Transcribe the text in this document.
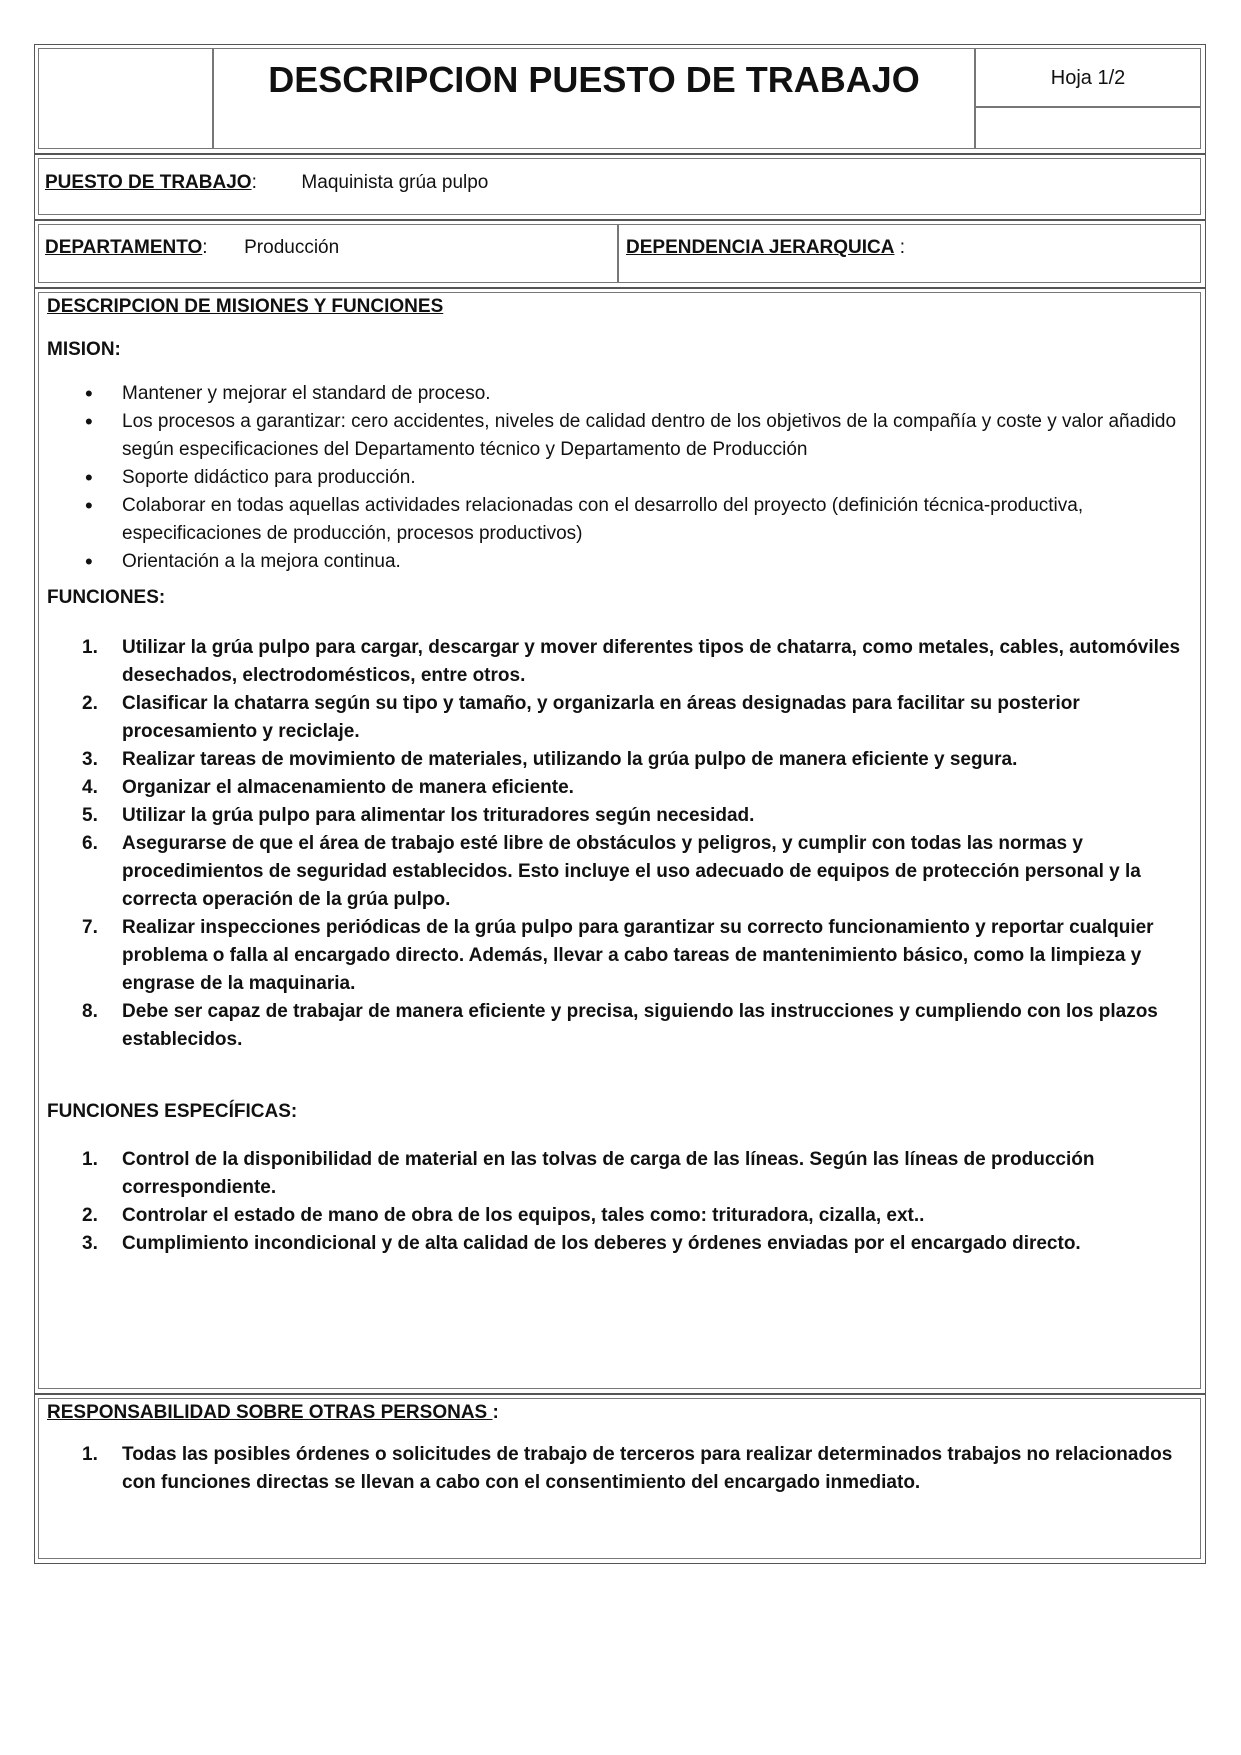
DESCRIPCION PUESTO DE TRABAJO	Hoja 1/2
PUESTO DE TRABAJO: Maquinista grúa pulpo
DEPARTAMENTO: Producción	DEPENDENCIA JERARQUICA :
DESCRIPCION DE MISIONES Y FUNCIONES
MISION:
• Mantener y mejorar el standard de proceso.
• Los procesos a garantizar: cero accidentes, niveles de calidad dentro de los objetivos de la compañía y coste y valor añadido según especificaciones del Departamento técnico y Departamento de Producción
• Soporte didáctico para producción.
• Colaborar en todas aquellas actividades relacionadas con el desarrollo del proyecto (definición técnica-productiva, especificaciones de producción, procesos productivos)
• Orientación a la mejora continua.
FUNCIONES:
1. Utilizar la grúa pulpo para cargar, descargar y mover diferentes tipos de chatarra, como metales, cables, automóviles desechados, electrodomésticos, entre otros.
2. Clasificar la chatarra según su tipo y tamaño, y organizarla en áreas designadas para facilitar su posterior procesamiento y reciclaje.
3. Realizar tareas de movimiento de materiales, utilizando la grúa pulpo de manera eficiente y segura.
4. Organizar el almacenamiento de manera eficiente.
5. Utilizar la grúa pulpo para alimentar los trituradores según necesidad.
6. Asegurarse de que el área de trabajo esté libre de obstáculos y peligros, y cumplir con todas las normas y procedimientos de seguridad establecidos. Esto incluye el uso adecuado de equipos de protección personal y la correcta operación de la grúa pulpo.
7. Realizar inspecciones periódicas de la grúa pulpo para garantizar su correcto funcionamiento y reportar cualquier problema o falla al encargado directo. Además, llevar a cabo tareas de mantenimiento básico, como la limpieza y engrase de la maquinaria.
8. Debe ser capaz de trabajar de manera eficiente y precisa, siguiendo las instrucciones y cumpliendo con los plazos establecidos.
FUNCIONES ESPECÍFICAS:
1. Control de la disponibilidad de material en las tolvas de carga de las líneas. Según las líneas de producción correspondiente.
2. Controlar el estado de mano de obra de los equipos, tales como: trituradora, cizalla, ext..
3. Cumplimiento incondicional y de alta calidad de los deberes y órdenes enviadas por el encargado directo.
RESPONSABILIDAD SOBRE OTRAS PERSONAS :
1. Todas las posibles órdenes o solicitudes de trabajo de terceros para realizar determinados trabajos no relacionados con funciones directas se llevan a cabo con el consentimiento del encargado inmediato.
